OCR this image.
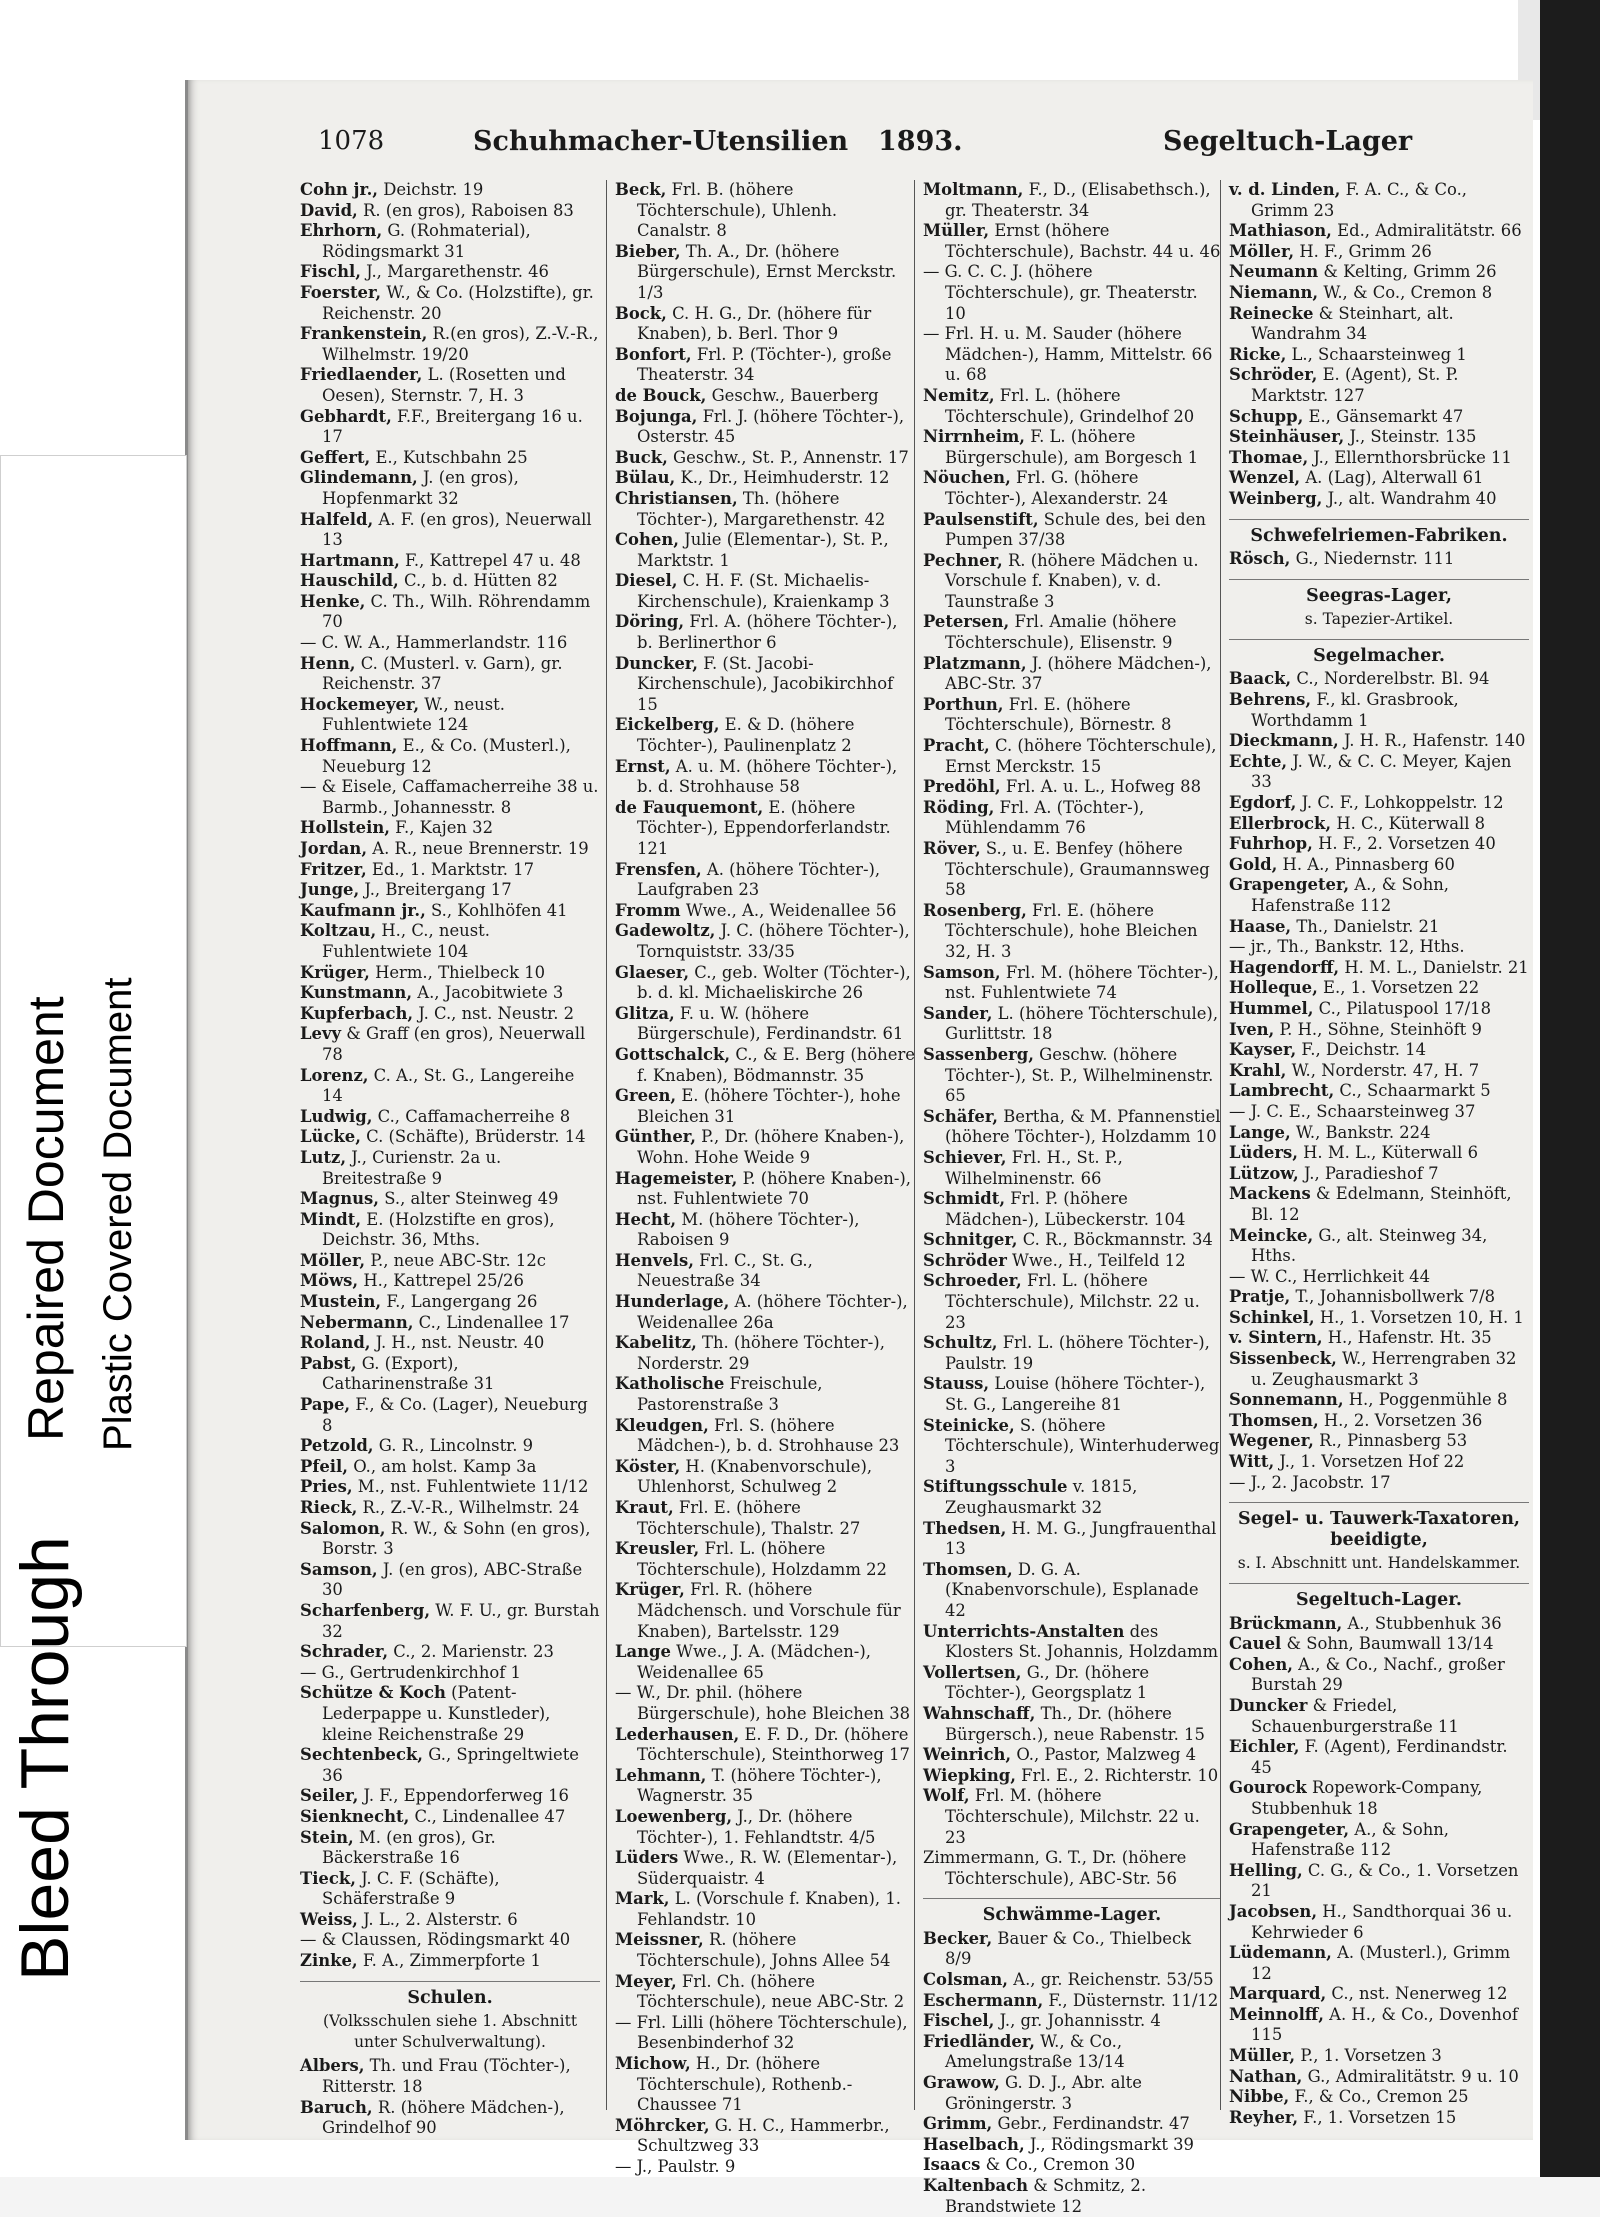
1078	Schuhmacher-Utensilien 1893.	Segeltuch-Lager

Cohn jr., Deichstr. 19

David, R. (en gros), Raboisen 83

Ehrhorn, G. (Rohmaterial), Rödingsmarkt 31

Fischl, J., Margarethenstr. 46

Foerster, W., & Co. (Holzstifte), gr. Reichenstr. 20

Frankenstein, R.(en gros), Z.-V.-R., Wilhelmstr. 19/20

Friedlaender, L. (Rosetten und Oesen), Sternstr. 7, H. 3

Gebhardt, F.F., Breitergang 16 u. 17

Geffert, E., Kutschbahn 25

Glindemann, J. (en gros), Hopfenmarkt 32

Halfeld, A. F. (en gros), Neuerwall 13

Hartmann, F., Kattrepel 47 u. 48

Hauschild, C., b. d. Hütten 82

Henke, C. Th., Wilh. Röhrendamm 70

— C. W. A., Hammerlandstr. 116

Henn, C. (Musterl. v. Garn), gr. Reichenstr. 37

Hockemeyer, W., neust. Fuhlentwiete 124

Hoffmann, E., & Co. (Musterl.), Neueburg 12

— & Eisele, Caffamacherreihe 38 u. Barmb., Johannesstr. 8

Hollstein, F., Kajen 32

Jordan, A. R., neue Brennerstr. 19

Fritzer, Ed., 1. Marktstr. 17

Junge, J., Breitergang 17

Kaufmann jr., S., Kohlhöfen 41

Koltzau, H., C., neust. Fuhlentwiete 104

Krüger, Herm., Thielbeck 10

Kunstmann, A., Jacobitwiete 3

Kupferbach, J. C., nst. Neustr. 2

Levy & Graff (en gros), Neuerwall 78

Lorenz, C. A., St. G., Langereihe 14

Ludwig, C., Caffamacherreihe 8

Lücke, C. (Schäfte), Brüderstr. 14

Lutz, J., Curienstr. 2a u. Breitestraße 9

Magnus, S., alter Steinweg 49

Mindt, E. (Holzstifte en gros), Deichstr. 36, Mths.

Möller, P., neue ABC-Str. 12c

Möws, H., Kattrepel 25/26

Mustein, F., Langergang 26

Nebermann, C., Lindenallee 17

Roland, J. H., nst. Neustr. 40

Pabst, G. (Export), Catharinenstraße 31

Pape, F., & Co. (Lager), Neueburg 8

Petzold, G. R., Lincolnstr. 9

Pfeil, O., am holst. Kamp 3a

Pries, M., nst. Fuhlentwiete 11/12

Rieck, R., Z.-V.-R., Wilhelmstr. 24

Salomon, R. W., & Sohn (en gros), Borstr. 3

Samson, J. (en gros), ABC-Straße 30

Scharfenberg, W. F. U., gr. Burstah 32

Schrader, C., 2. Marienstr. 23

— G., Gertrudenkirchhof 1

Schütze & Koch (Patent-Lederpappe u. Kunstleder), kleine Reichenstraße 29

Sechtenbeck, G., Springeltwiete 36

Seiler, J. F., Eppendorferweg 16

Sienknecht, C., Lindenallee 47

Stein, M. (en gros), Gr. Bäckerstraße 16

Tieck, J. C. F. (Schäfte), Schäferstraße 9

Weiss, J. L., 2. Alsterstr. 6

— & Claussen, Rödingsmarkt 40

Zinke, F. A., Zimmerpforte 1

Schulen.
(Volksschulen siehe 1. Abschnitt unter Schulverwaltung).

Albers, Th. und Frau (Töchter-), Ritterstr. 18

Baruch, R. (höhere Mädchen-), Grindelhof 90

Beck, Frl. B. (höhere Töchterschule), Uhlenh. Canalstr. 8

Bieber, Th. A., Dr. (höhere Bürgerschule), Ernst Merckstr. 1/3

Bock, C. H. G., Dr. (höhere für Knaben), b. Berl. Thor 9

Bonfort, Frl. P. (Töchter-), große Theaterstr. 34

de Bouck, Geschw., Bauerberg

Bojunga, Frl. J. (höhere Töchter-), Osterstr. 45

Buck, Geschw., St. P., Annenstr. 17

Bülau, K., Dr., Heimhuderstr. 12

Christiansen, Th. (höhere Töchter-), Margarethenstr. 42

Cohen, Julie (Elementar-), St. P., Marktstr. 1

Diesel, C. H. F. (St. Michaelis-Kirchenschule), Kraienkamp 3

Döring, Frl. A. (höhere Töchter-), b. Berlinerthor 6

Duncker, F. (St. Jacobi-Kirchenschule), Jacobikirchhof 15

Eickelberg, E. & D. (höhere Töchter-), Paulinenplatz 2

Ernst, A. u. M. (höhere Töchter-), b. d. Strohhause 58

de Fauquemont, E. (höhere Töchter-), Eppendorferlandstr. 121

Frensfen, A. (höhere Töchter-), Laufgraben 23

Fromm Wwe., A., Weidenallee 56

Gadewoltz, J. C. (höhere Töchter-), Tornquiststr. 33/35

Glaeser, C., geb. Wolter (Töchter-), b. d. kl. Michaeliskirche 26

Glitza, F. u. W. (höhere Bürgerschule), Ferdinandstr. 61

Gottschalck, C., & E. Berg (höhere f. Knaben), Bödmannstr. 35

Green, E. (höhere Töchter-), hohe Bleichen 31

Günther, P., Dr. (höhere Knaben-), Wohn. Hohe Weide 9

Hagemeister, P. (höhere Knaben-), nst. Fuhlentwiete 70

Hecht, M. (höhere Töchter-), Raboisen 9

Henvels, Frl. C., St. G., Neuestraße 34

Hunderlage, A. (höhere Töchter-), Weidenallee 26a

Kabelitz, Th. (höhere Töchter-), Norderstr. 29

Katholische Freischule, Pastorenstraße 3

Kleudgen, Frl. S. (höhere Mädchen-), b. d. Strohhause 23

Köster, H. (Knabenvorschule), Uhlenhorst, Schulweg 2

Kraut, Frl. E. (höhere Töchterschule), Thalstr. 27

Kreusler, Frl. L. (höhere Töchterschule), Holzdamm 22

Krüger, Frl. R. (höhere Mädchensch. und Vorschule für Knaben), Bartelsstr. 129

Lange Wwe., J. A. (Mädchen-), Weidenallee 65

— W., Dr. phil. (höhere Bürgerschule), hohe Bleichen 38

Lederhausen, E. F. D., Dr. (höhere Töchterschule), Steinthorweg 17

Lehmann, T. (höhere Töchter-), Wagnerstr. 35

Loewenberg, J., Dr. (höhere Töchter-), 1. Fehlandtstr. 4/5

Lüders Wwe., R. W. (Elementar-), Süderquaistr. 4

Mark, L. (Vorschule f. Knaben), 1. Fehlandstr. 10

Meissner, R. (höhere Töchterschule), Johns Allee 54

Meyer, Frl. Ch. (höhere Töchterschule), neue ABC-Str. 2

— Frl. Lilli (höhere Töchterschule), Besenbinderhof 32

Michow, H., Dr. (höhere Töchterschule), Rothenb.-Chaussee 71

Möhrcker, G. H. C., Hammerbr., Schultzweg 33

— J., Paulstr. 9

Moltmann, F., D., (Elisabethsch.), gr. Theaterstr. 34

Müller, Ernst (höhere Töchterschule), Bachstr. 44 u. 46

— G. C. C. J. (höhere Töchterschule), gr. Theaterstr. 10

— Frl. H. u. M. Sauder (höhere Mädchen-), Hamm, Mittelstr. 66 u. 68

Nemitz, Frl. L. (höhere Töchterschule), Grindelhof 20

Nirrnheim, F. L. (höhere Bürgerschule), am Borgesch 1

Nöuchen, Frl. G. (höhere Töchter-), Alexanderstr. 24

Paulsenstift, Schule des, bei den Pumpen 37/38

Pechner, R. (höhere Mädchen u. Vorschule f. Knaben), v. d. Taunstraße 3

Petersen, Frl. Amalie (höhere Töchterschule), Elisenstr. 9

Platzmann, J. (höhere Mädchen-), ABC-Str. 37

Porthun, Frl. E. (höhere Töchterschule), Börnestr. 8

Pracht, C. (höhere Töchterschule), Ernst Merckstr. 15

Predöhl, Frl. A. u. L., Hofweg 88

Röding, Frl. A. (Töchter-), Mühlendamm 76

Röver, S., u. E. Benfey (höhere Töchterschule), Graumannsweg 58

Rosenberg, Frl. E. (höhere Töchterschule), hohe Bleichen 32, H. 3

Samson, Frl. M. (höhere Töchter-), nst. Fuhlentwiete 74

Sander, L. (höhere Töchterschule), Gurlittstr. 18

Sassenberg, Geschw. (höhere Töchter-), St. P., Wilhelminenstr. 65

Schäfer, Bertha, & M. Pfannenstiel (höhere Töchter-), Holzdamm 10

Schiever, Frl. H., St. P., Wilhelminenstr. 66

Schmidt, Frl. P. (höhere Mädchen-), Lübeckerstr. 104

Schnitger, C. R., Böckmannstr. 34

Schröder Wwe., H., Teilfeld 12

Schroeder, Frl. L. (höhere Töchterschule), Milchstr. 22 u. 23

Schultz, Frl. L. (höhere Töchter-), Paulstr. 19

Stauss, Louise (höhere Töchter-), St. G., Langereihe 81

Steinicke, S. (höhere Töchterschule), Winterhuderweg 3

Stiftungsschule v. 1815, Zeughausmarkt 32

Thedsen, H. M. G., Jungfrauenthal 13

Thomsen, D. G. A. (Knabenvorschule), Esplanade 42

Unterrichts-Anstalten des Klosters St. Johannis, Holzdamm

Vollertsen, G., Dr. (höhere Töchter-), Georgsplatz 1

Wahnschaff, Th., Dr. (höhere Bürgersch.), neue Rabenstr. 15

Weinrich, O., Pastor, Malzweg 4

Wiepking, Frl. E., 2. Richterstr. 10

Wolf, Frl. M. (höhere Töchterschule), Milchstr. 22 u. 23

Zimmermann, G. T., Dr. (höhere Töchterschule), ABC-Str. 56

Schwämme-Lager.

Becker, Bauer & Co., Thielbeck 8/9

Colsman, A., gr. Reichenstr. 53/55

Eschermann, F., Düsternstr. 11/12

Fischel, J., gr. Johannisstr. 4

Friedländer, W., & Co., Amelungstraße 13/14

Grawow, G. D. J., Abr. alte Gröningerstr. 3

Grimm, Gebr., Ferdinandstr. 47

Haselbach, J., Rödingsmarkt 39

Isaacs & Co., Cremon 30

Kaltenbach & Schmitz, 2. Brandstwiete 12

v. d. Linden, F. A. C., & Co., Grimm 23

Mathiason, Ed., Admiralitätstr. 66

Möller, H. F., Grimm 26

Neumann & Kelting, Grimm 26

Niemann, W., & Co., Cremon 8

Reinecke & Steinhart, alt. Wandrahm 34

Ricke, L., Schaarsteinweg 1

Schröder, E. (Agent), St. P. Marktstr. 127

Schupp, E., Gänsemarkt 47

Steinhäuser, J., Steinstr. 135

Thomae, J., Ellernthorsbrücke 11

Wenzel, A. (Lag), Alterwall 61

Weinberg, J., alt. Wandrahm 40

Schwefelriemen-Fabriken.

Rösch, G., Niedernstr. 111

Seegras-Lager,
s. Tapezier-Artikel.
Segelmacher.

Baack, C., Norderelbstr. Bl. 94

Behrens, F., kl. Grasbrook, Worthdamm 1

Dieckmann, J. H. R., Hafenstr. 140

Echte, J. W., & C. C. Meyer, Kajen 33

Egdorf, J. C. F., Lohkoppelstr. 12

Ellerbrock, H. C., Küterwall 8

Fuhrhop, H. F., 2. Vorsetzen 40

Gold, H. A., Pinnasberg 60

Grapengeter, A., & Sohn, Hafenstraße 112

Haase, Th., Danielstr. 21

— jr., Th., Bankstr. 12, Hths.

Hagendorff, H. M. L., Danielstr. 21

Holleque, E., 1. Vorsetzen 22

Hummel, C., Pilatuspool 17/18

Iven, P. H., Söhne, Steinhöft 9

Kayser, F., Deichstr. 14

Krahl, W., Norderstr. 47, H. 7

Lambrecht, C., Schaarmarkt 5

— J. C. E., Schaarsteinweg 37

Lange, W., Bankstr. 224

Lüders, H. M. L., Küterwall 6

Lützow, J., Paradieshof 7

Mackens & Edelmann, Steinhöft, Bl. 12

Meincke, G., alt. Steinweg 34, Hths.

— W. C., Herrlichkeit 44

Pratje, T., Johannisbollwerk 7/8

Schinkel, H., 1. Vorsetzen 10, H. 1

v. Sintern, H., Hafenstr. Ht. 35

Sissenbeck, W., Herrengraben 32 u. Zeughausmarkt 3

Sonnemann, H., Poggenmühle 8

Thomsen, H., 2. Vorsetzen 36

Wegener, R., Pinnasberg 53

Witt, J., 1. Vorsetzen Hof 22

— J., 2. Jacobstr. 17

Segel- u. Tauwerk-Taxatoren, beeidigte,
s. I. Abschnitt unt. Handelskammer.
Segeltuch-Lager.

Brückmann, A., Stubbenhuk 36

Cauel & Sohn, Baumwall 13/14

Cohen, A., & Co., Nachf., großer Burstah 29

Duncker & Friedel, Schauenburgerstraße 11

Eichler, F. (Agent), Ferdinandstr. 45

Gourock Ropework-Company, Stubbenhuk 18

Grapengeter, A., & Sohn, Hafenstraße 112

Helling, C. G., & Co., 1. Vorsetzen 21

Jacobsen, H., Sandthorquai 36 u. Kehrwieder 6

Lüdemann, A. (Musterl.), Grimm 12

Marquard, C., nst. Nenerweg 12

Meinnolff, A. H., & Co., Dovenhof 115

Müller, P., 1. Vorsetzen 3

Nathan, G., Admiralitätstr. 9 u. 10

Nibbe, F., & Co., Cremon 25

Reyher, F., 1. Vorsetzen 15

Bleed Through
Repaired Document Plastic Covered Document
